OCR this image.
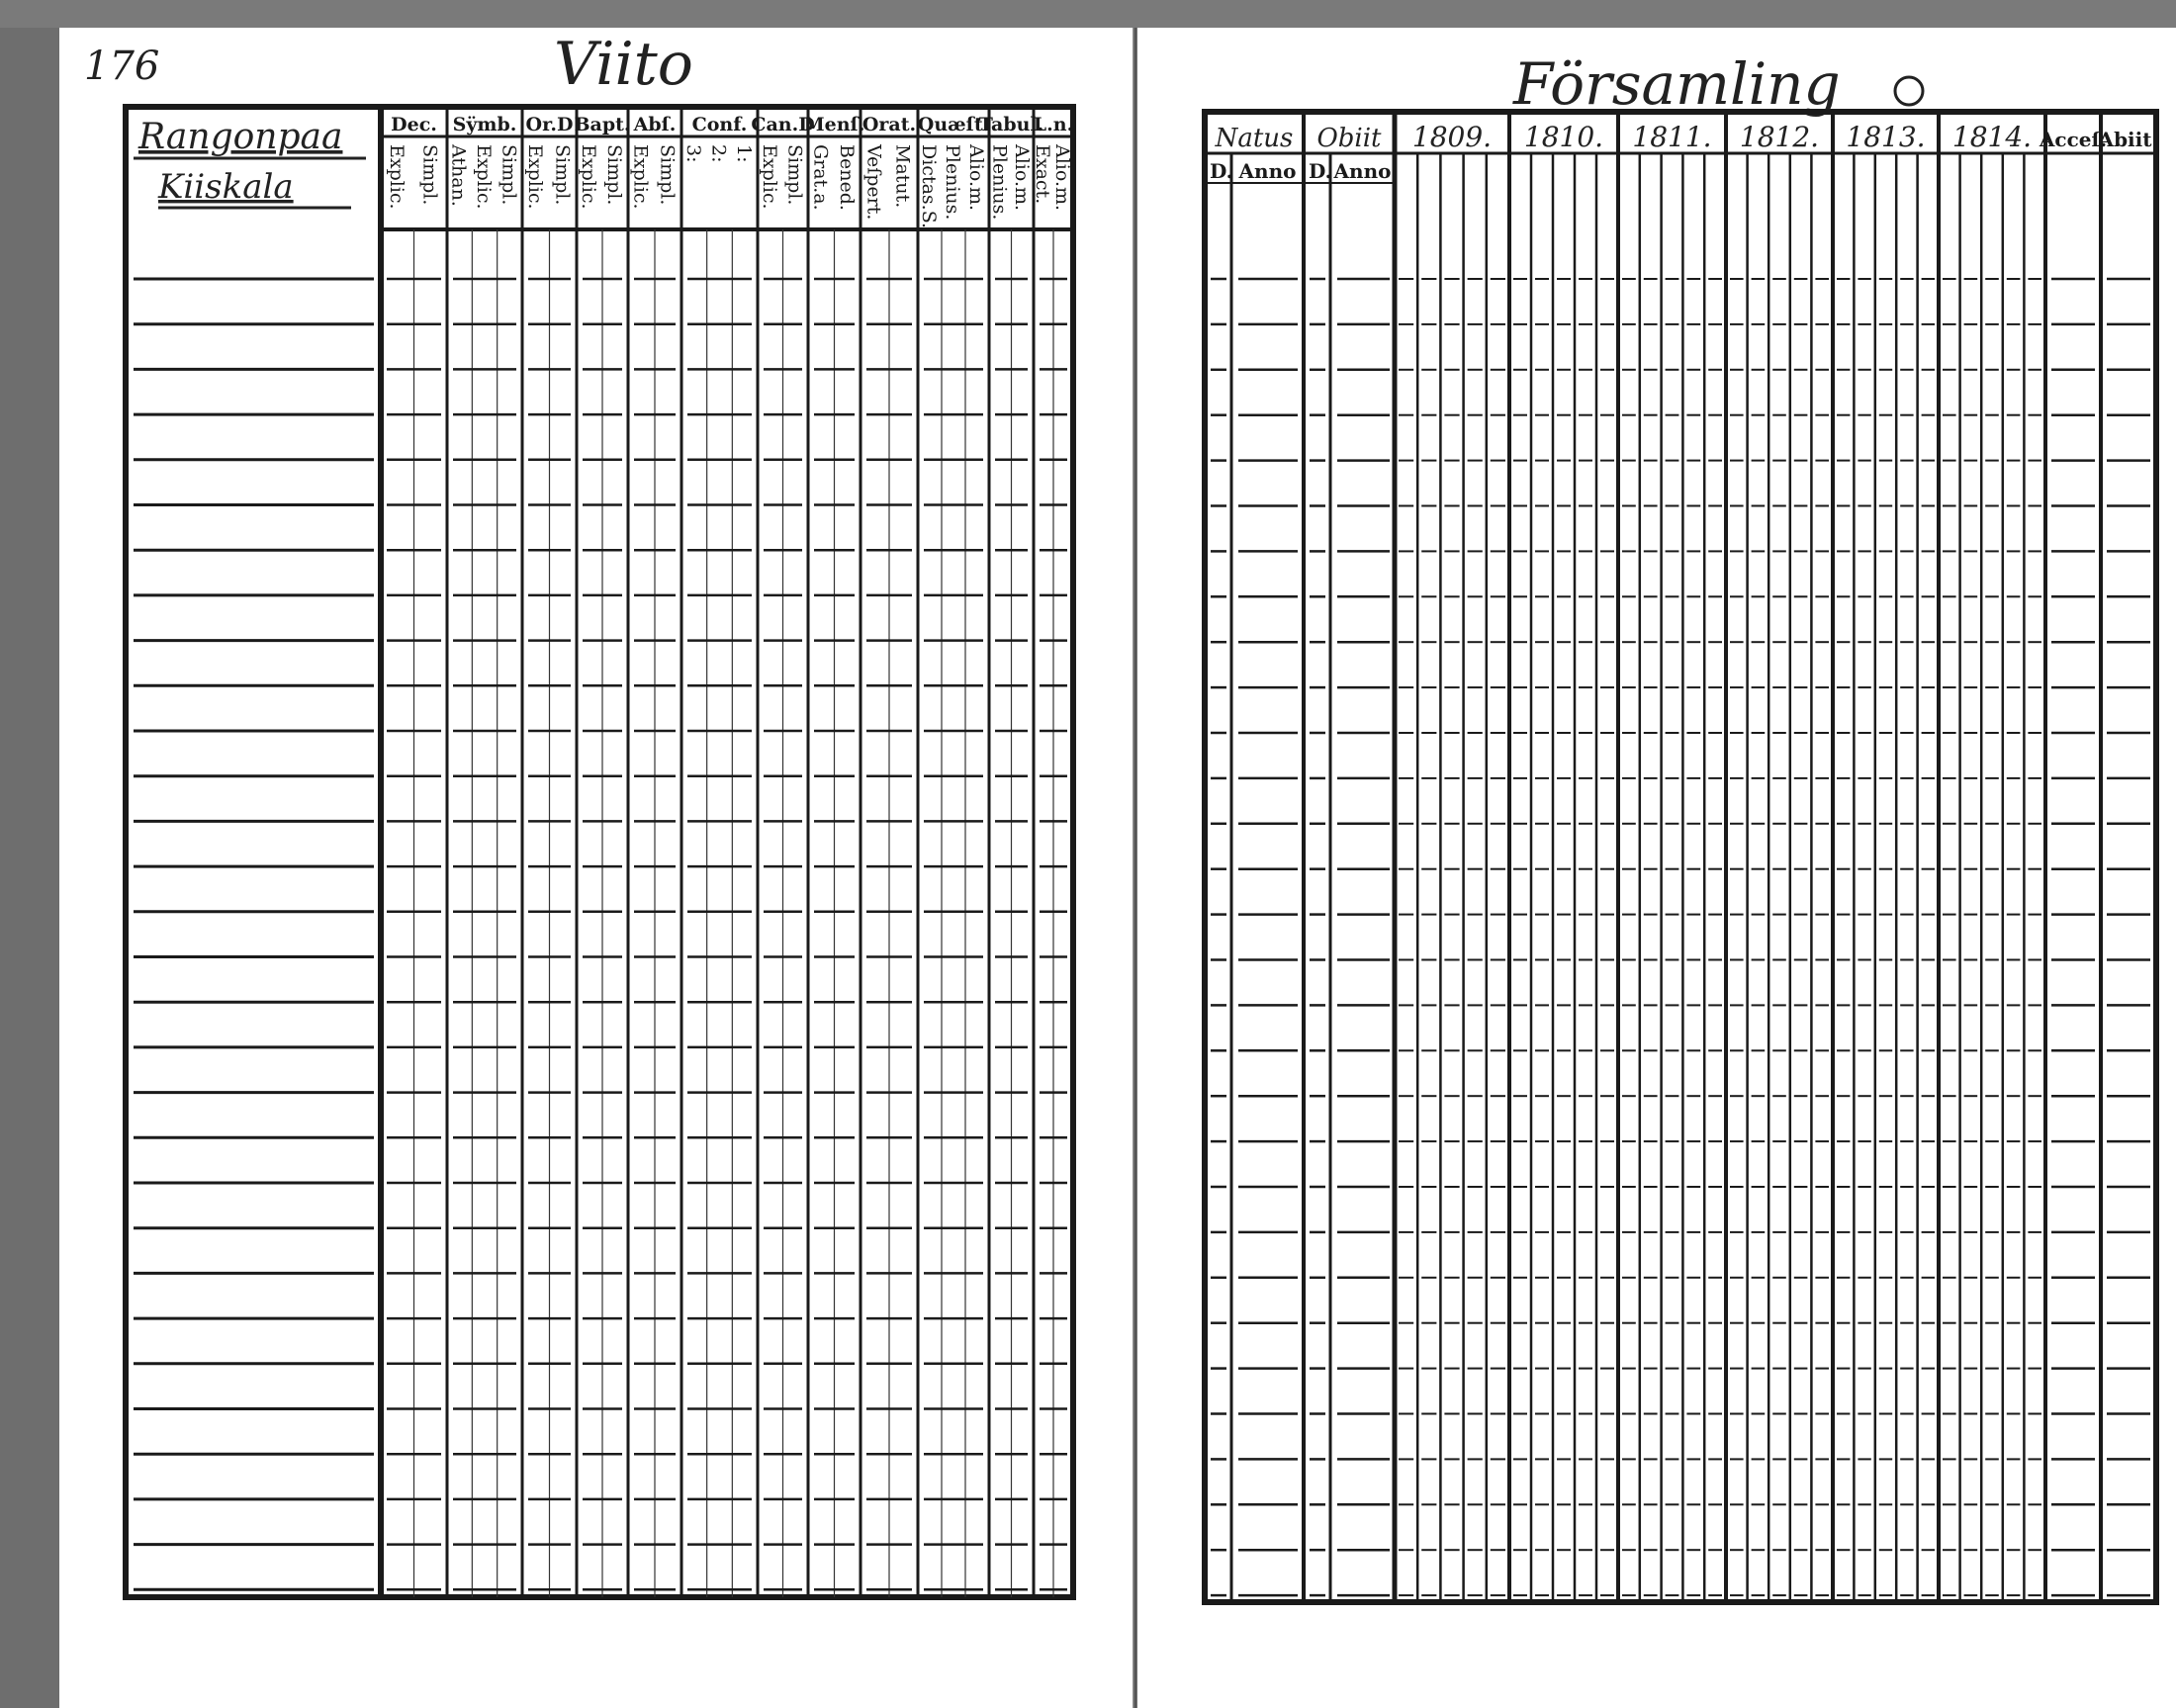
176	Viito	Församling
Rangonpaa
Kiiskala
Dec.
Explic. Simpl.
Sÿmb.
Athan. Explic. Simpl.
Or.D
Explic. Simpl.
Bapt.
Explic. Simpl.
Abſ.
Explic. Simpl.
Conf.
3: 2: 1:
Can.D
Explic. Simpl.
Menſ.
Grat.a. Bened.
Orat.
Veſpert. Matut.
Quæſt.
Dictas.S. Plenius. Alio.m.
Tabul.
Plenius. Alio.m.
L.n.
Exact.
Alio.m.
Natus
D. Anno
Obiit
D. Anno
1809. 1810. 1811. 1812. 1813. 1814. Acceſ.
Abiit.
